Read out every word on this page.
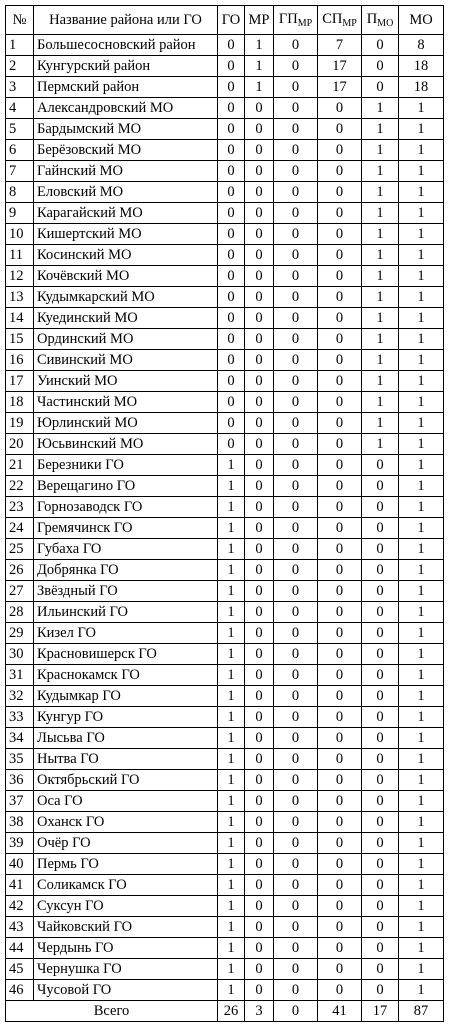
№	Название района или ГО	ГО	МР	$ГП_{МР}$	$СП_{МР}$	$П_{МО}$	МО
1	Большесосновский район	0	1	0	7	0	8
2	Кунгурский район	0	1	0	17	0	18
3	Пермский район	0	1	0	17	0	18
4	Александровский МО	0	0	0	0	1	1
5	Бардымский МО	0	0	0	0	1	1
6	Берёзовский МО	0	0	0	0	1	1
7	Гайнский МО	0	0	0	0	1	1
8	Еловский МО	0	0	0	0	1	1
9	Карагайский МО	0	0	0	0	1	1
10	Кишертский МО	0	0	0	0	1	1
11	Косинский МО	0	0	0	0	1	1
12	Кочёвский МО	0	0	0	0	1	1
13	Кудымкарский МО	0	0	0	0	1	1
14	Куединский МО	0	0	0	0	1	1
15	Ординский МО	0	0	0	0	1	1
16	Сивинский МО	0	0	0	0	1	1
17	Уинский МО	0	0	0	0	1	1
18	Частинский МО	0	0	0	0	1	1
19	Юрлинский МО	0	0	0	0	1	1
20	Юсьвинский МО	0	0	0	0	1	1
21	Березники ГО	1	0	0	0	0	1
22	Верещагино ГО	1	0	0	0	0	1
23	Горнозаводск ГО	1	0	0	0	0	1
24	Гремячинск ГО	1	0	0	0	0	1
25	Губаха ГО	1	0	0	0	0	1
26	Добрянка ГО	1	0	0	0	0	1
27	Звёздный ГО	1	0	0	0	0	1
28	Ильинский ГО	1	0	0	0	0	1
29	Кизел ГО	1	0	0	0	0	1
30	Красновишерск ГО	1	0	0	0	0	1
31	Краснокамск ГО	1	0	0	0	0	1
32	Кудымкар ГО	1	0	0	0	0	1
33	Кунгур ГО	1	0	0	0	0	1
34	Лысьва ГО	1	0	0	0	0	1
35	Нытва ГО	1	0	0	0	0	1
36	Октябрьский ГО	1	0	0	0	0	1
37	Оса ГО	1	0	0	0	0	1
38	Оханск ГО	1	0	0	0	0	1
39	Очёр ГО	1	0	0	0	0	1
40	Пермь ГО	1	0	0	0	0	1
41	Соликамск ГО	1	0	0	0	0	1
42	Суксун ГО	1	0	0	0	0	1
43	Чайковский ГО	1	0	0	0	0	1
44	Чердынь ГО	1	0	0	0	0	1
45	Чернушка ГО	1	0	0	0	0	1
46	Чусовой ГО	1	0	0	0	0	1
Всего		26	3	0	41	17	87
